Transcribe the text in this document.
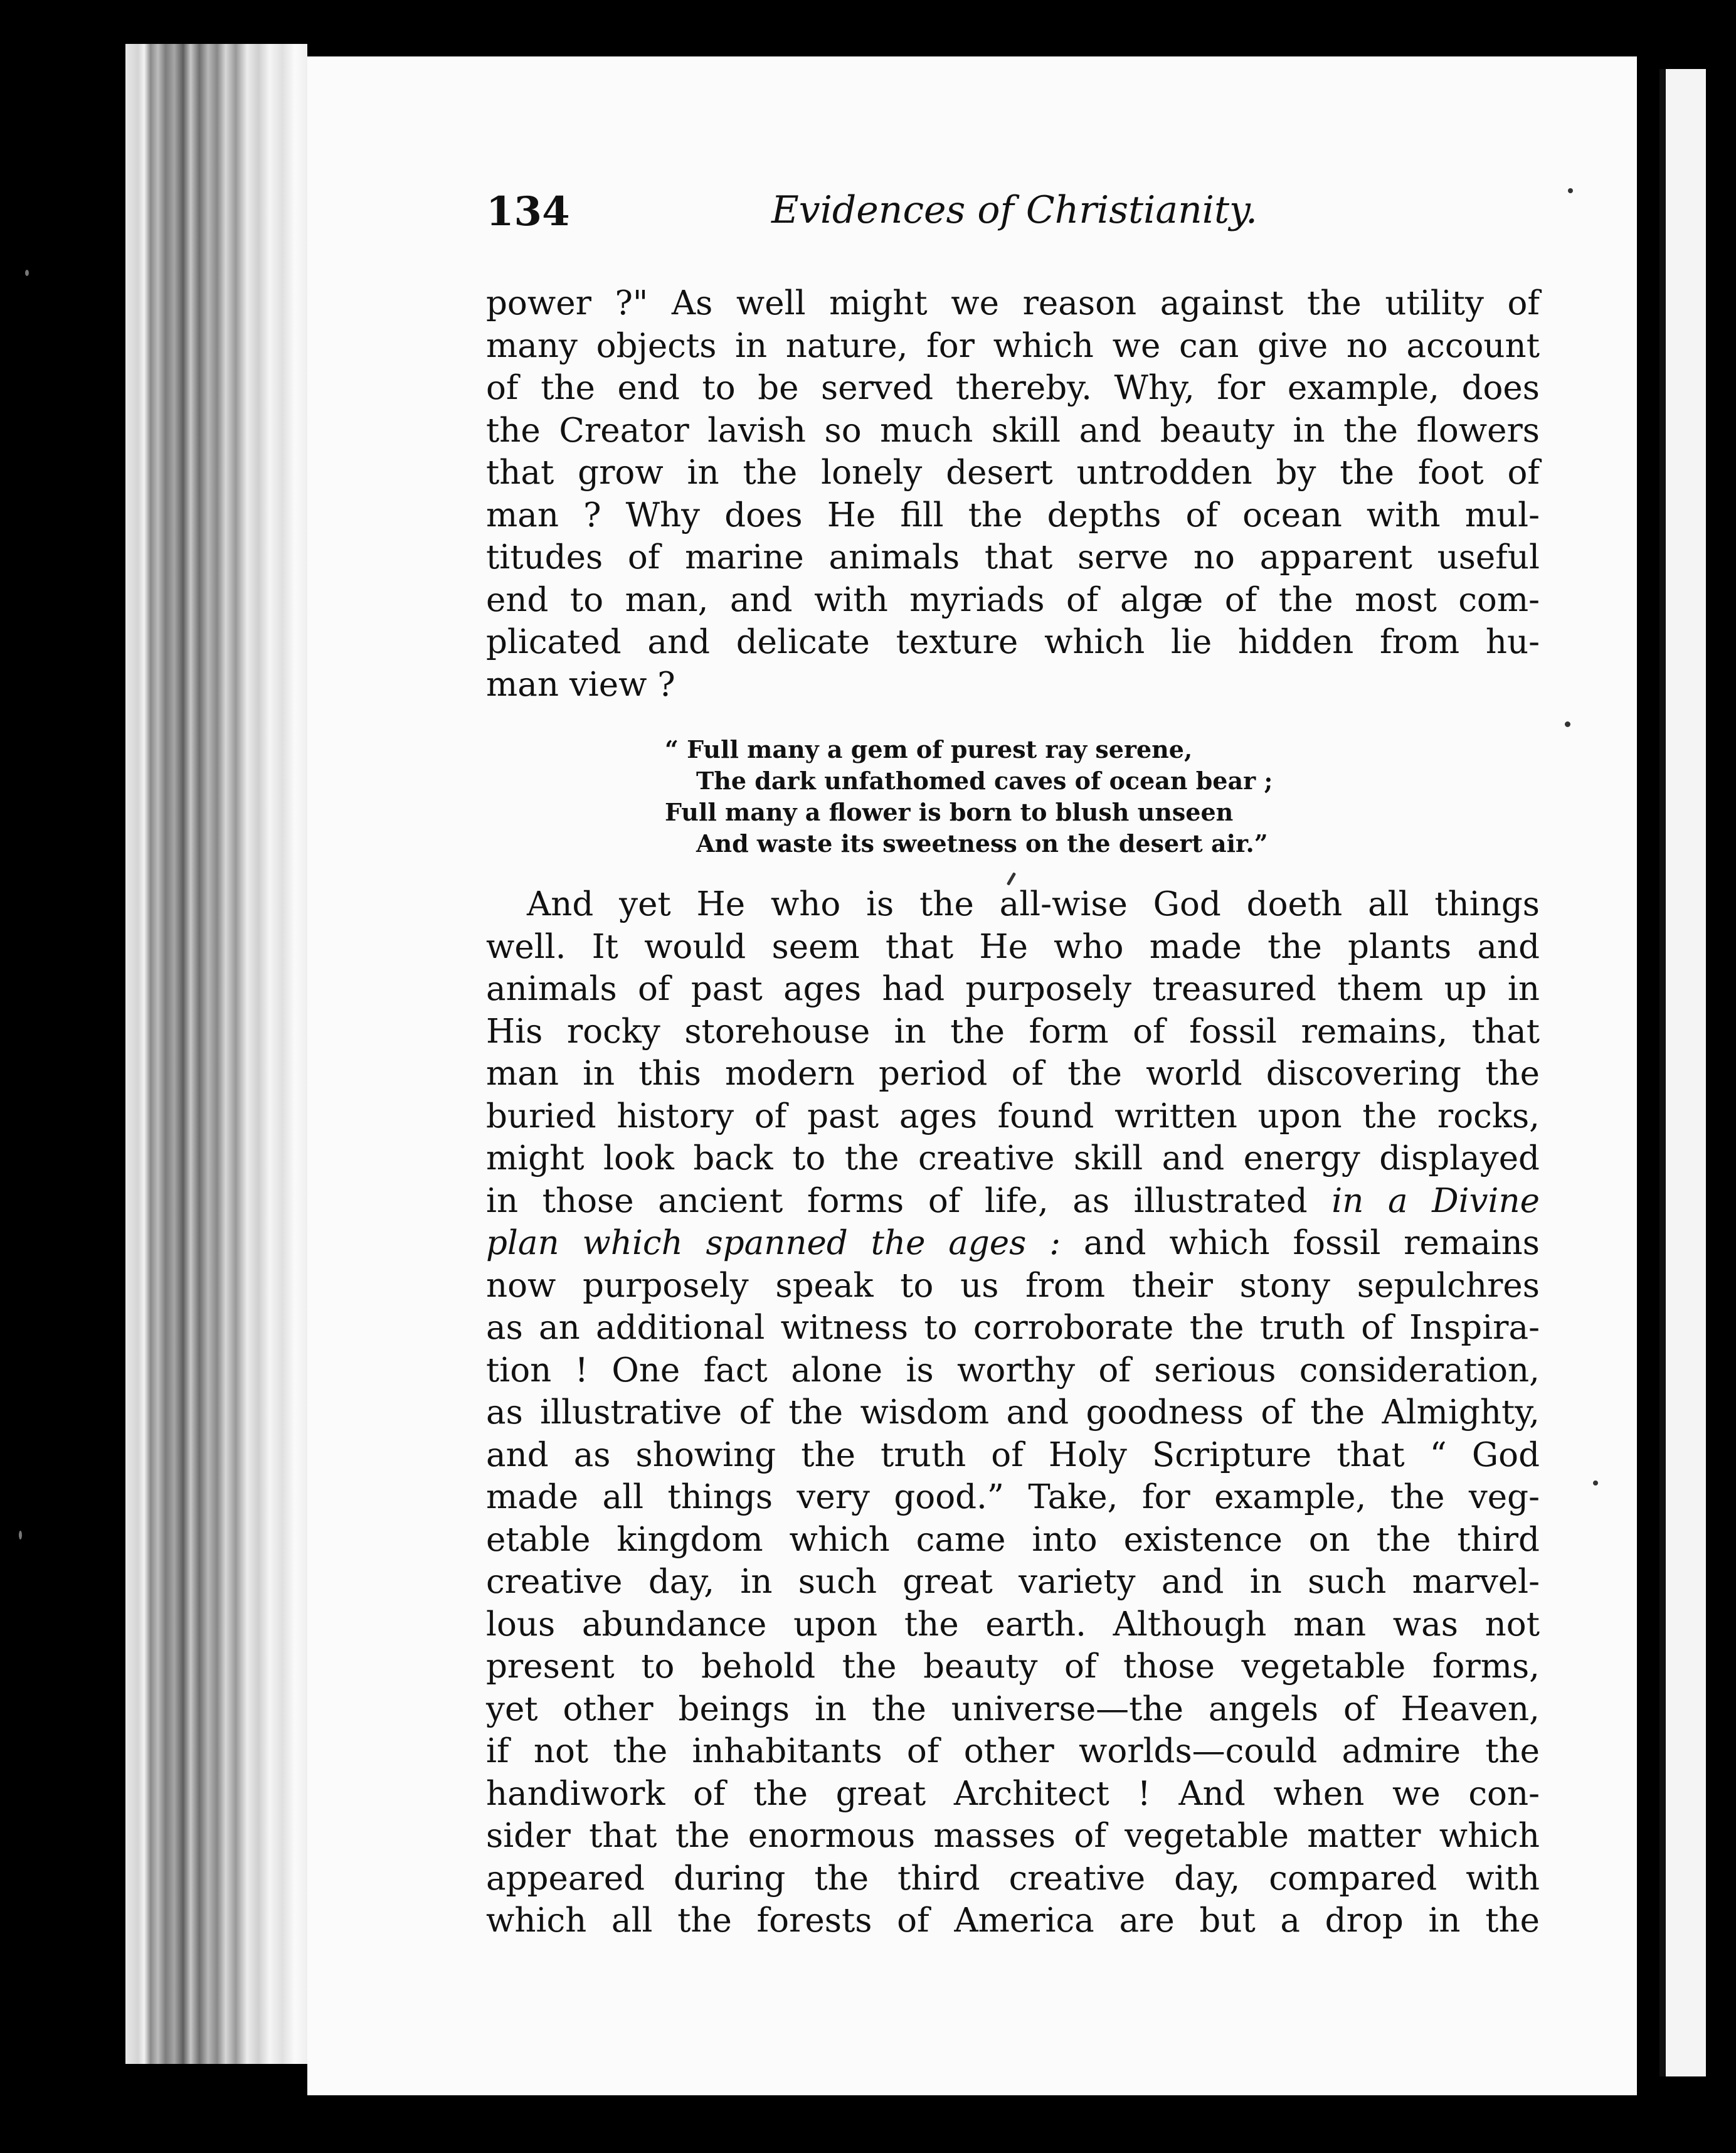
134	Evidences of Christianity.
power ?" As well might we reason against the utility of
many objects in nature, for which we can give no account
of the end to be served thereby. Why, for example, does
the Creator lavish so much skill and beauty in the flowers
that grow in the lonely desert untrodden by the foot of
man ? Why does He fill the depths of ocean with mul-
titudes of marine animals that serve no apparent useful
end to man, and with myriads of algæ of the most com-
plicated and delicate texture which lie hidden from hu-
man view ?
“ Full many a gem of purest ray serene,
The dark unfathomed caves of ocean bear ;
Full many a flower is born to blush unseen
And waste its sweetness on the desert air.”
And yet He who is the all-wise God doeth all things
well. It would seem that He who made the plants and
animals of past ages had purposely treasured them up in
His rocky storehouse in the form of fossil remains, that
man in this modern period of the world discovering the
buried history of past ages found written upon the rocks,
might look back to the creative skill and energy displayed
in those ancient forms of life, as illustrated in a Divine
plan which spanned the ages : and which fossil remains
now purposely speak to us from their stony sepulchres
as an additional witness to corroborate the truth of Inspira-
tion ! One fact alone is worthy of serious consideration,
as illustrative of the wisdom and goodness of the Almighty,
and as showing the truth of Holy Scripture that “ God
made all things very good.” Take, for example, the veg-
etable kingdom which came into existence on the third
creative day, in such great variety and in such marvel-
lous abundance upon the earth. Although man was not
present to behold the beauty of those vegetable forms,
yet other beings in the universe—the angels of Heaven,
if not the inhabitants of other worlds—could admire the
handiwork of the great Architect ! And when we con-
sider that the enormous masses of vegetable matter which
appeared during the third creative day, compared with
which all the forests of America are but a drop in the
